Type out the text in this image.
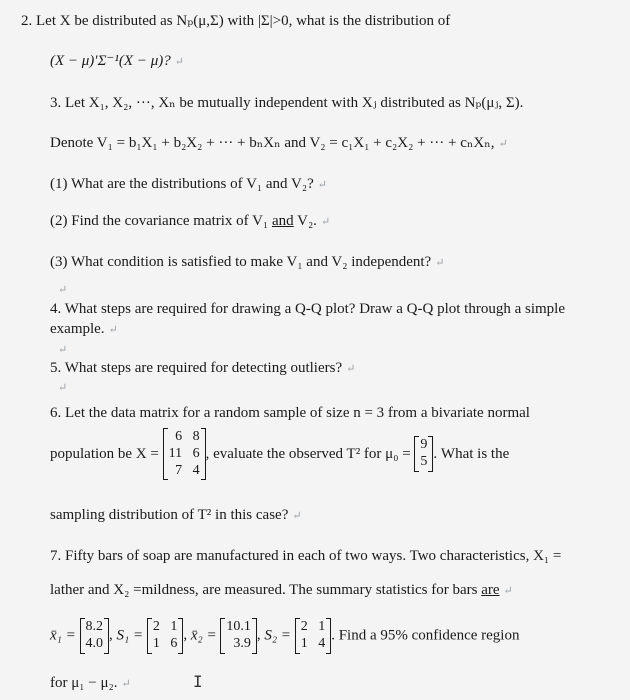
2. Let X be distributed as Nₚ(μ,Σ) with |Σ|>0, what is the distribution of
(X − μ)′Σ⁻¹(X − μ)? ↵
3. Let X₁, X₂, ···, Xₙ be mutually independent with Xⱼ distributed as Nₚ(μⱼ, Σ).
Denote V₁ = b₁X₁ + b₂X₂ + ··· + bₙXₙ and V₂ = c₁X₁ + c₂X₂ + ··· + cₙXₙ, ↵
(1) What are the distributions of V₁ and V₂? ↵
(2) Find the covariance matrix of V₁ and V₂. ↵
(3) What condition is satisfied to make V₁ and V₂ independent? ↵
↵
4. What steps are required for drawing a Q-Q plot? Draw a Q-Q plot through a simple
example. ↵
↵
5. What steps are required for detecting outliers? ↵
↵
6. Let the data matrix for a random sample of size n = 3 from a bivariate normal
population be X =
6   8
11   6
7   4
, evaluate the observed T² for μ₀ =
9
5 . What is the
sampling distribution of T² in this case? ↵
7. Fifty bars of soap are manufactured in each of two ways. Two characteristics, X₁ =
lather and X₂ =mildness, are measured. The summary statistics for bars are ↵
x̄₁ =
8.2
4.0
, S₁ =
2   1
1   6
, x̄₂ =
10.1
3.9
, S₂ =
2   1
1   4 . Find a 95% confidence region
for μ₁ − μ₂. ↵	I
